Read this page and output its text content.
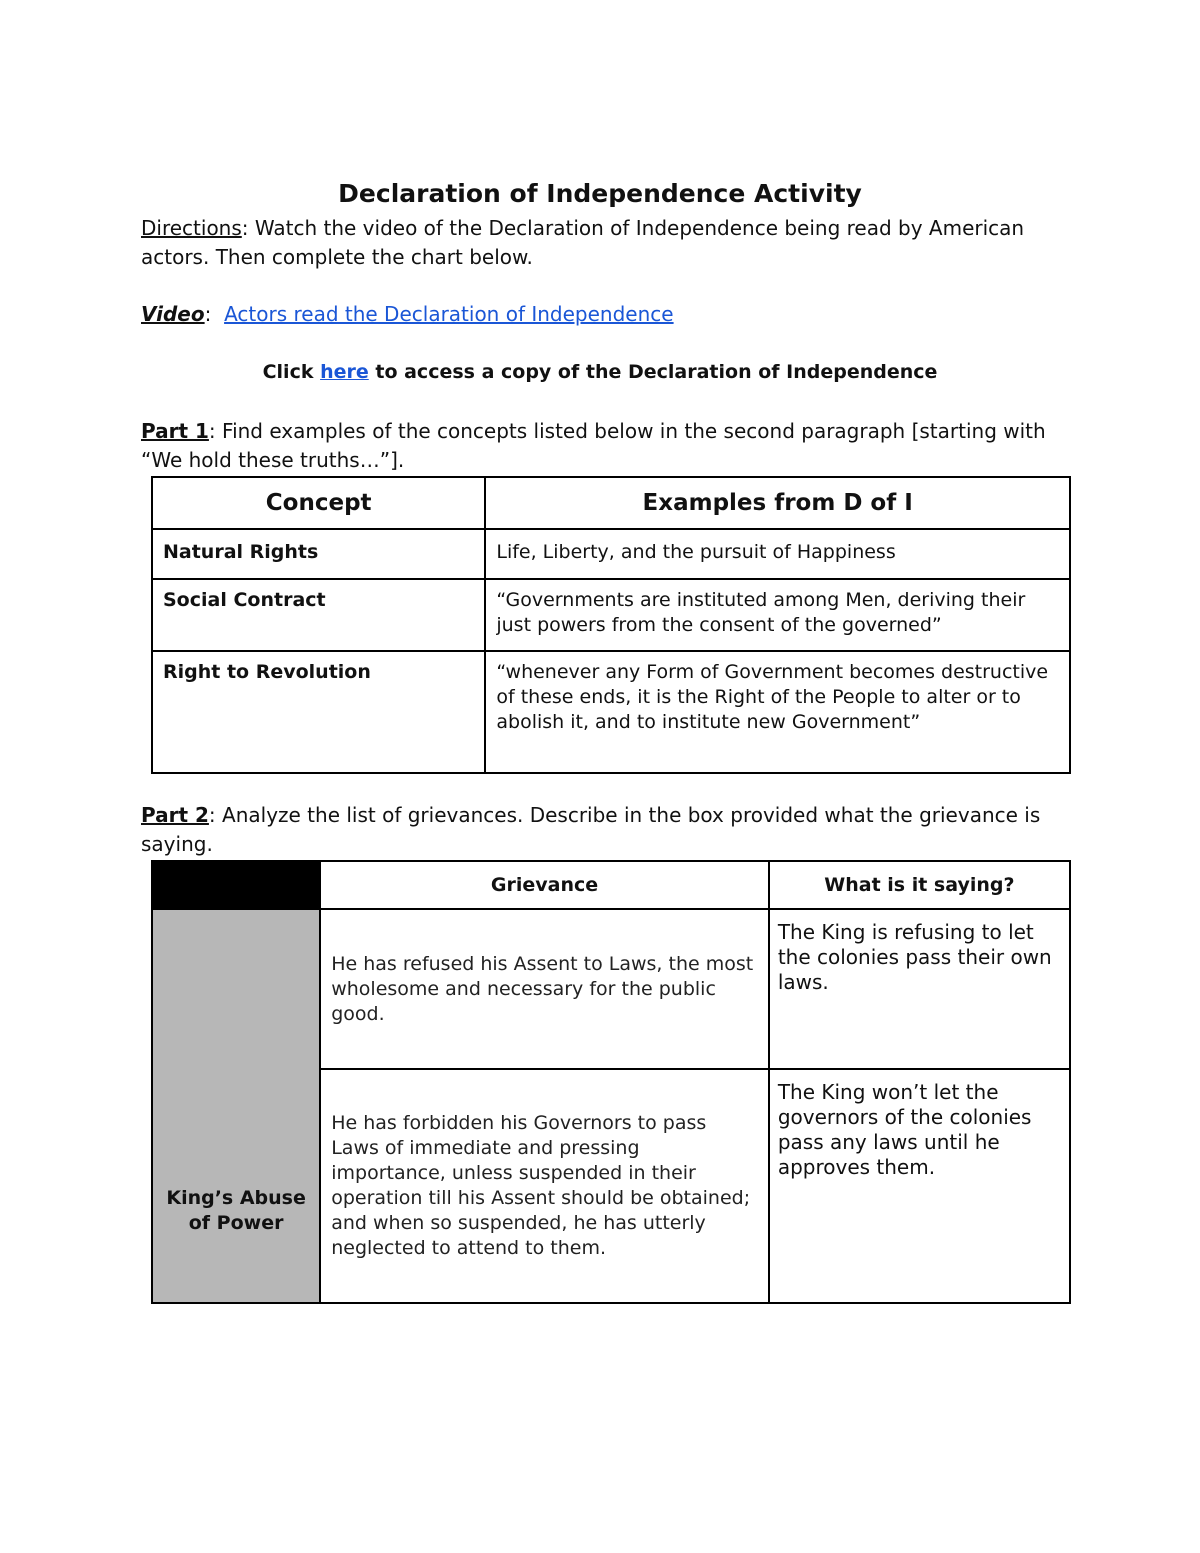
Declaration of Independence Activity
Directions: Watch the video of the Declaration of Independence being read by American actors. Then complete the chart below.
Video: Actors read the Declaration of Independence
Click here to access a copy of the Declaration of Independence
Part 1: Find examples of the concepts listed below in the second paragraph [starting with “We hold these truths…”].
Concept	Examples from D of I
Natural Rights	Life, Liberty, and the pursuit of Happiness
Social Contract	“Governments are instituted among Men, deriving their just powers from the consent of the governed”
Right to Revolution	“whenever any Form of Government becomes destructive of these ends, it is the Right of the People to alter or to abolish it, and to institute new Government”
Part 2: Analyze the list of grievances. Describe in the box provided what the grievance is saying.
	Grievance	What is it saying?
King’s Abuse of Power	He has refused his Assent to Laws, the most wholesome and necessary for the public good.	The King is refusing to let the colonies pass their own laws.
	He has forbidden his Governors to pass Laws of immediate and pressing importance, unless suspended in their operation till his Assent should be obtained; and when so suspended, he has utterly neglected to attend to them.	The King won’t let the governors of the colonies pass any laws until he approves them.
